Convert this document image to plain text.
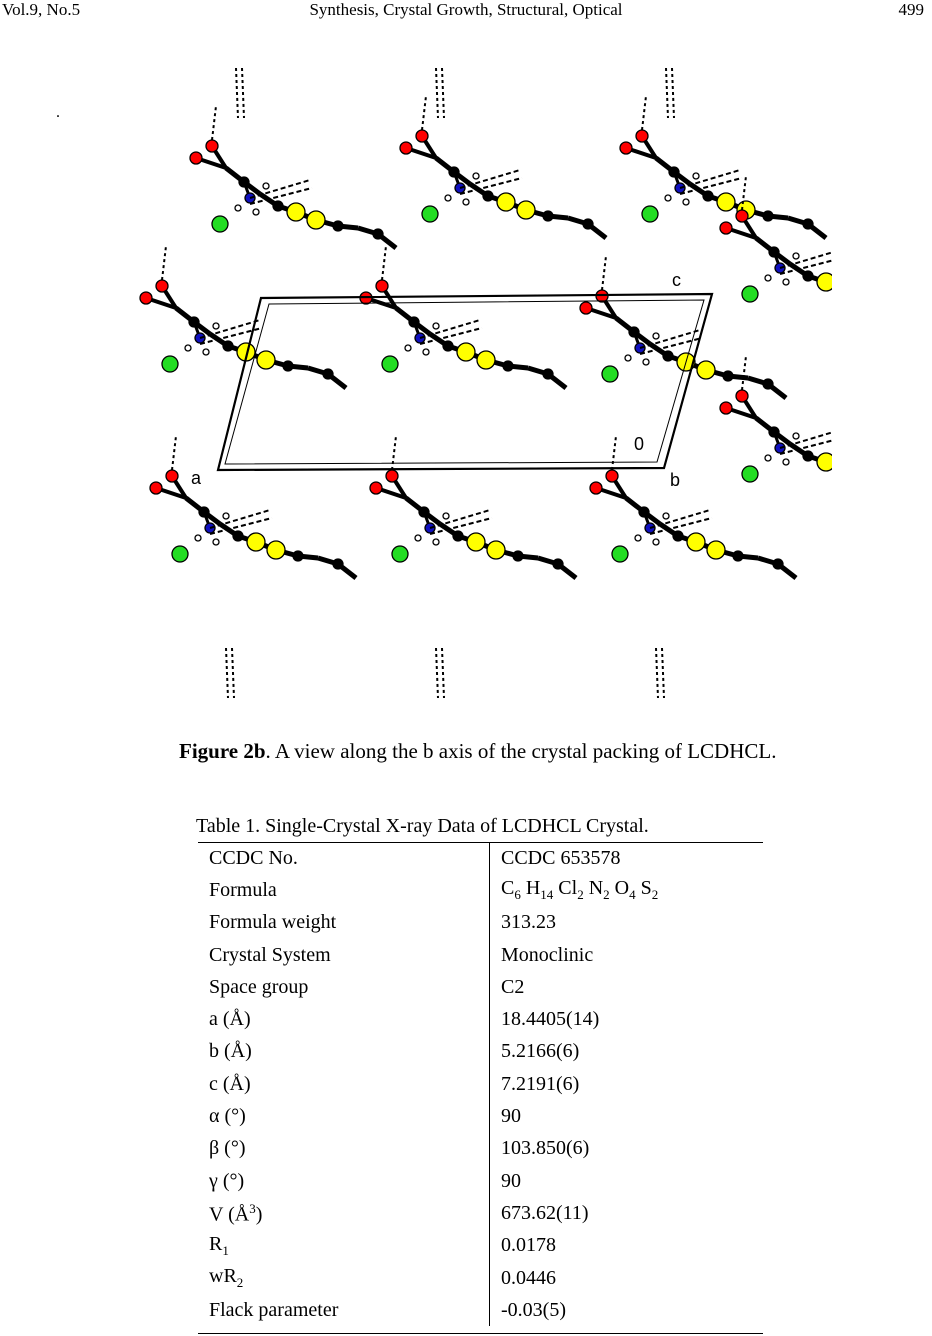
Vol.9, No.5	Synthesis, Crystal Growth, Structural, Optical	499
.
c
a	b
0
Figure 2b. A view along the b axis of the crystal packing of LCDHCL.
Table 1. Single-Crystal X-ray Data of LCDHCL Crystal.
CCDC No.	CCDC 653578
Formula	$C_6$ $H_{14}$ $Cl_2$ $N_2$ $O_4$ $S_2$
Formula weight	313.23
Crystal System	Monoclinic
Space group	C2
a (Å)	18.4405(14)
b (Å)	5.2166(6)
c (Å)	7.2191(6)
α (°)	90
β (°)	103.850(6)
γ (°)	90
V $(Å^3)$	673.62(11)
$R_1$	0.0178
$wR_2$	0.0446
Flack parameter	-0.03(5)
